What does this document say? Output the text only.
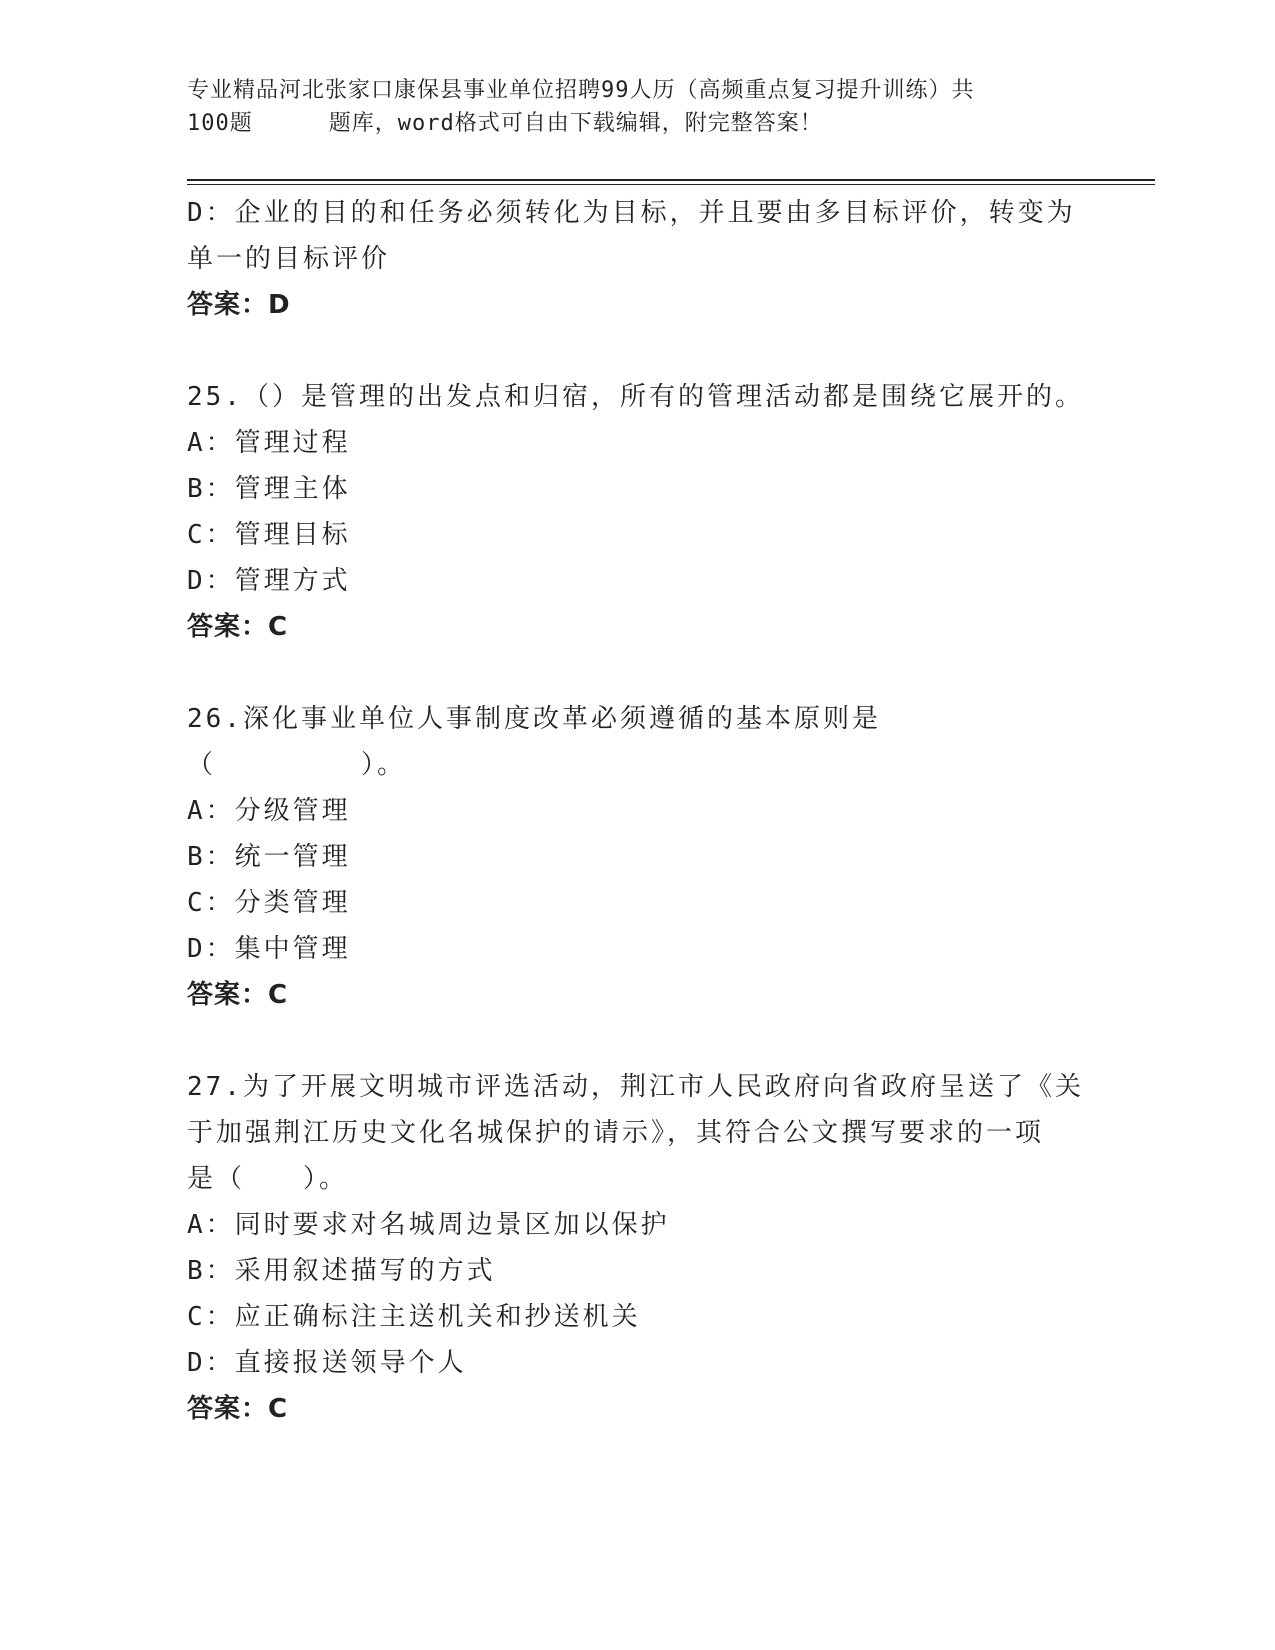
专业精品河北张家口康保县事业单位招聘99人历（高频重点复习提升训练）共
100题	题库，word格式可自由下载编辑，附完整答案！

D：企业的目的和任务必须转化为目标，并且要由多目标评价，转变为
单一的目标评价

答案：D

25.（）是管理的出发点和归宿，所有的管理活动都是围绕它展开的。

A：管理过程

B：管理主体

C：管理目标

D：管理方式

答案：C

26.深化事业单位人事制度改革必须遵循的基本原则是（　　　　　）。

A：分级管理

B：统一管理

C：分类管理

D：集中管理

答案：C

27.为了开展文明城市评选活动，荆江市人民政府向省政府呈送了《关
于加强荆江历史文化名城保护的请示》，其符合公文撰写要求的一项
是（　　）。

A：同时要求对名城周边景区加以保护

B：采用叙述描写的方式

C：应正确标注主送机关和抄送机关

D：直接报送领导个人

答案：C
